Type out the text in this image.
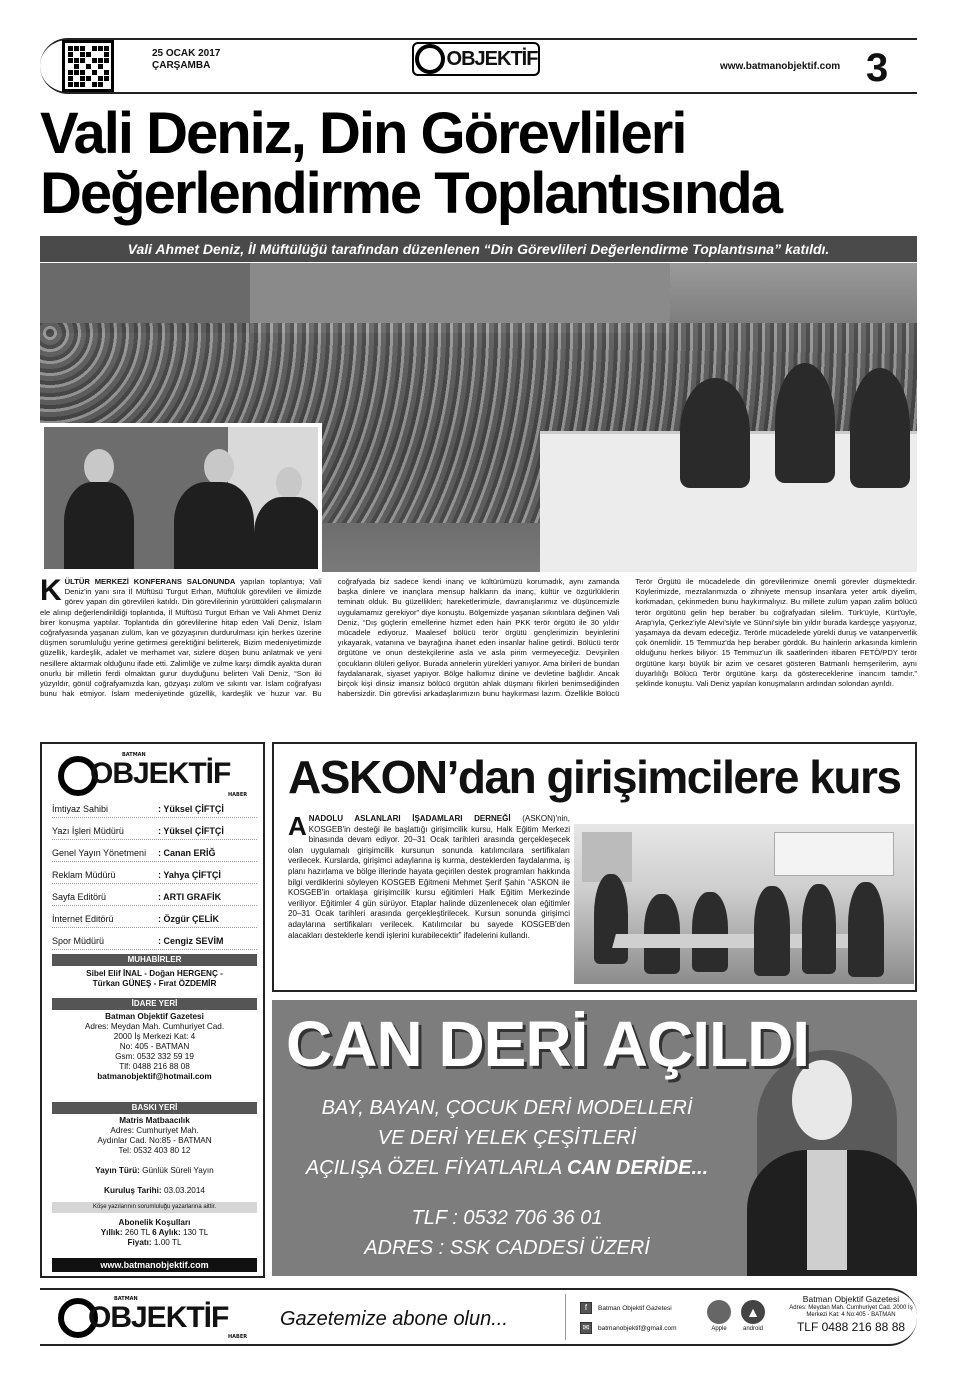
25 OCAK 2017
ÇARŞAMBA	OBJEKTİF	www.batmanobjektif.com 3
Vali Deniz, Din Görevlileri
Değerlendirme Toplantısında
Vali Ahmet Deniz, İl Müftülüğü tarafından düzenlenen “Din Görevlileri Değerlendirme Toplantısına” katıldı.
K ÜLTÜR MERKEZİ KONFERANS SALONUNDA yapılan toplantıya; Vali Deniz'in yanı sıra İl Müftüsü Turgut Erhan, Müftülük görevlileri ve ilimizde görev yapan din görevlileri katıldı. Din görevlilerinin yürüttükleri çalışmaların ele alınıp değerlendirildiği toplantıda, İl Müftüsü Turgut Erhan ve Vali Ahmet Deniz birer konuşma yaptılar. Toplantıda din görevlilerine hitap eden Vali Deniz, İslam coğrafyasında yaşanan zulüm, kan ve gözyaşının durdurulması için herkes üzerine düşmen sorumluluğu yerine getirmesi gerektiğini belirterek, Bizim medeniyetimizde güzellik, kardeşlik, adalet ve merhamet var, sizlere düşen bunu anlatmak ve yeni nesillere aktarmak olduğunu ifade etti. Zalimliğe ve zulme karşı dimdik ayakta duran onurlu bir milletin ferdi olmaktan gurur duyduğunu belirten Vali Deniz, “Son iki yüzyıldır, gönül coğrafyamızda kan, gözyaşı zulüm ve sıkıntı var. İslam coğrafyası bunu hak etmiyor. İslam medeniyetinde güzellik, kardeşlik ve huzur var. Bu coğrafyada biz sadece kendi inanç ve kültürümüzü korumadık, aynı zamanda başka dinlere ve inançlara mensup halkların da inanç, kültür ve özgürlüklerin teminatı olduk. Bu güzellikleri; hareketlerimizle, davranışlarımız ve düşüncemizle uygulamamız gerekiyor” diye konuştu. Bölgemizde yaşanan sıkıntılara değinen Vali Deniz, “Dış güçlerin emellerine hizmet eden hain PKK terör örgütü ile 30 yıldır mücadele ediyoruz. Maalesef bölücü terör örgütü gençlerimizin beyinlerini yıkayarak, vatanına ve bayrağına ihanet eden insanlar haline getirdi. Bölücü terör örgütüne ve onun destekçilerine asla ve asla pirim vermeyeceğiz. Devşirilen çocukların ölüleri geliyor. Burada annelerin yürekleri yanıyor. Ama birileri de bundan faydalanarak, siyaset yapıyor. Bölge halkımız dinine ve devletine bağlıdır. Ancak birçok kişi dinsiz imansız bölücü örgütün ahlak düşmanı fikirleri benimsediğinden habersizdir. Din görevlisi arkadaşlarımızın bunu haykırması lazım. Özellikle Bölücü Terör Örgütü ile mücadelede din görevlilerimize önemli görevler düşmektedir. Köylerimizde, mezralarımızda o zihniyete mensup insanlara yeter artık diyelim, korkmadan, çekinmeden bunu haykırmalıyız. Bu millete zulüm yapan zalim bölücü terör örgütünü gelin hep beraber bu coğrafyadan silelim. Türk'üyle, Kürt'üyle, Arap'ıyla, Çerkez'iyle Alevi'siyle ve Sünni'siyle bin yıldır burada kardeşçe yaşıyoruz, yaşamaya da devam edeceğiz. Terörle mücadelede yürekli duruş ve vatanperverlik çok önemlidir. 15 Temmuz'da hep beraber gördük. Bu hainlerin arkasında kimlerin olduğunu herkes biliyor. 15 Temmuz'un ilk saatlerinden itibaren FETÖ/PDY terör örgütüne karşı büyük bir azim ve cesaret gösteren Batmanlı hemşerilerim, aynı duyarlılığı Bölücü Terör örgütüne karşı da göstereceklerine inancım tamdır.” şeklinde konuştu. Vali Deniz yapılan konuşmaların ardından solondan ayrıldı.
OBJEKTİF
BATMAN
HABER
İmtiyaz Sahibi	: Yüksel ÇİFTÇİ
Yazı İşleri Müdürü	: Yüksel ÇİFTÇİ
Genel Yayın Yönetmeni : Canan ERİĞ
Reklam Müdürü	: Yahya ÇİFTÇİ
Sayfa Editörü	: ARTI GRAFİK
İnternet Editörü	: Özgür ÇELİK
Spor Müdürü	: Cengiz SEVİM
MUHABİRLER
Sibel Elif İNAL - Doğan HERGENÇ -
Türkan GÜNEŞ - Fırat ÖZDEMİR
İDARE YERİ
Batman Objektif Gazetesi
Adres: Meydan Mah. Cumhuriyet Cad.
2000 İş Merkezi Kat: 4
No: 405 - BATMAN
Gsm: 0532 332 59 19
Tlf: 0488 216 88 08
batmanobjektif@hotmail.com
BASKI YERİ
Matris Matbaacılık
Adres: Cumhuriyet Mah.
Aydınlar Cad. No:85 - BATMAN
Tel: 0532 403 80 12
Yayın Türü: Günlük Süreli Yayın
Kuruluş Tarihi: 03.03.2014
Köşe yazılarının sorumluluğu yazarlarına aittir.
Abonelik Koşulları
Yıllık: 260 TL 6 Aylık: 130 TL
Fiyatı: 1.00 TL
www.batmanobjektif.com
ASKON’dan girişimcilere kurs
A NADOLU ASLANLARI İŞADAMLARI DERNEĞİ (ASKON)'nin, KOSGEB'in desteği ile başlattığı girişimcilik kursu, Halk Eğitim Merkezi binasında devam ediyor. 20–31 Ocak tarihleri arasında gerçekleşecek olan uygulamalı girişimcilik kursunun sonunda katılımcılara sertifikaları verilecek. Kurslarda, girişimci adaylarına iş kurma, desteklerden faydalanma, iş planı hazırlama ve bölge illerinde hayata geçirilen destek programları hakkında bilgi verdiklerini söyleyen KOSGEB Eğitmeni Mehmet Şerif Şahin “ASKON ile KOSGEB'in ortaklaşa girişimcilik kursu eğitimleri Halk Eğitim Merkezinde veriliyor. Eğitimler 4 gün sürüyor. Etaplar halinde düzenlenecek olan eğitimler 20–31 Ocak tarihleri arasında gerçekleştirilecek. Kursun sonunda girişimci adaylarına sertifikaları verilecek. Katılımcılar bu sayede KOSGEB'den alacakları desteklerle kendi işlerini kurabilecektir” ifadelerini kullandı.
CAN DERİ AÇILDI
BAY, BAYAN, ÇOCUK DERİ MODELLERİ
VE DERİ YELEK ÇEŞİTLERİ
AÇILIŞA ÖZEL FİYATLARLA CAN DERİDE...
TLF : 0532 706 36 01
ADRES : SSK CADDESİ ÜZERİ
OBJEKTİF
BATMAN
HABER
Gazetemize abone olun...
f	Batman Objektif Gazetesi
✉	batmanobjektif@gmail.com	Apple
▲
android
Batman Objektif Gazetesi
Adres: Meydan Mah. Cumhuriyet Cad. 2000 İş
Merkezi Kat: 4 No:405 - BATMAN
TLF 0488 216 88 88
